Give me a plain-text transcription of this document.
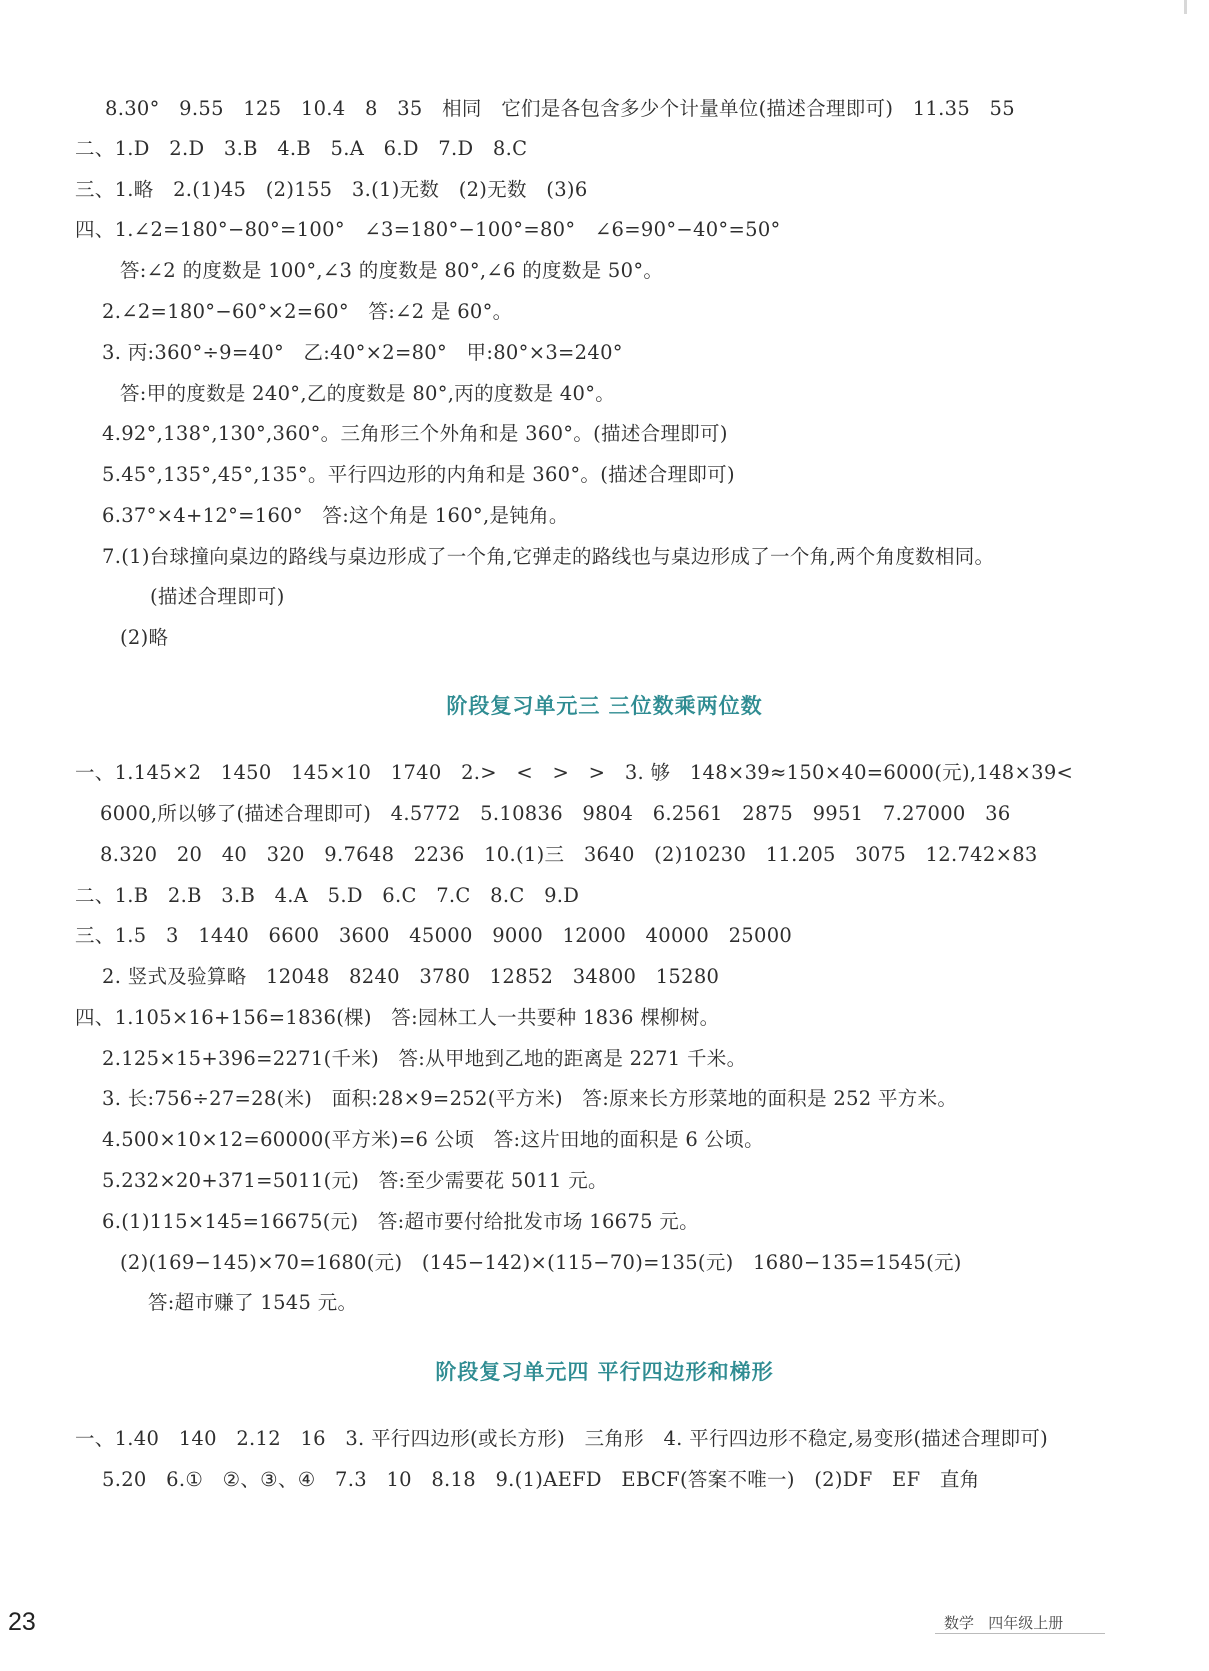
8.30°   9.55   125   10.4   8   35   相同   它们是各包含多少个计量单位(描述合理即可)   11.35   55
二、1.D   2.D   3.B   4.B   5.A   6.D   7.D   8.C
三、1.略   2.(1)45   (2)155   3.(1)无数   (2)无数   (3)6
四、1.∠2=180°−80°=100°   ∠3=180°−100°=80°   ∠6=90°−40°=50°
答:∠2 的度数是 100°,∠3 的度数是 80°,∠6 的度数是 50°。
2.∠2=180°−60°×2=60°   答:∠2 是 60°。
3. 丙:360°÷9=40°   乙:40°×2=80°   甲:80°×3=240°
答:甲的度数是 240°,乙的度数是 80°,丙的度数是 40°。
4.92°,138°,130°,360°。三角形三个外角和是 360°。(描述合理即可)
5.45°,135°,45°,135°。平行四边形的内角和是 360°。(描述合理即可)
6.37°×4+12°=160°   答:这个角是 160°,是钝角。
7.(1)台球撞向桌边的路线与桌边形成了一个角,它弹走的路线也与桌边形成了一个角,两个角度数相同。
(描述合理即可)
(2)略
阶段复习单元三 三位数乘两位数
一、1.145×2   1450   145×10   1740   2.>   <   >   >   3. 够   148×39≈150×40=6000(元),148×39<
6000,所以够了(描述合理即可)   4.5772   5.10836   9804   6.2561   2875   9951   7.27000   36
8.320   20   40   320   9.7648   2236   10.(1)三   3640   (2)10230   11.205   3075   12.742×83
二、1.B   2.B   3.B   4.A   5.D   6.C   7.C   8.C   9.D
三、1.5   3   1440   6600   3600   45000   9000   12000   40000   25000
2. 竖式及验算略   12048   8240   3780   12852   34800   15280
四、1.105×16+156=1836(棵)   答:园林工人一共要种 1836 棵柳树。
2.125×15+396=2271(千米)   答:从甲地到乙地的距离是 2271 千米。
3. 长:756÷27=28(米)   面积:28×9=252(平方米)   答:原来长方形菜地的面积是 252 平方米。
4.500×10×12=60000(平方米)=6 公顷   答:这片田地的面积是 6 公顷。
5.232×20+371=5011(元)   答:至少需要花 5011 元。
6.(1)115×145=16675(元)   答:超市要付给批发市场 16675 元。
(2)(169−145)×70=1680(元)   (145−142)×(115−70)=135(元)   1680−135=1545(元)
答:超市赚了 1545 元。
阶段复习单元四 平行四边形和梯形
一、1.40   140   2.12   16   3. 平行四边形(或长方形)   三角形   4. 平行四边形不稳定,易变形(描述合理即可)
5.20   6.①   ②、③、④   7.3   10   8.18   9.(1)AEFD   EBCF(答案不唯一)   (2)DF   EF   直角
23	数学   四年级上册
